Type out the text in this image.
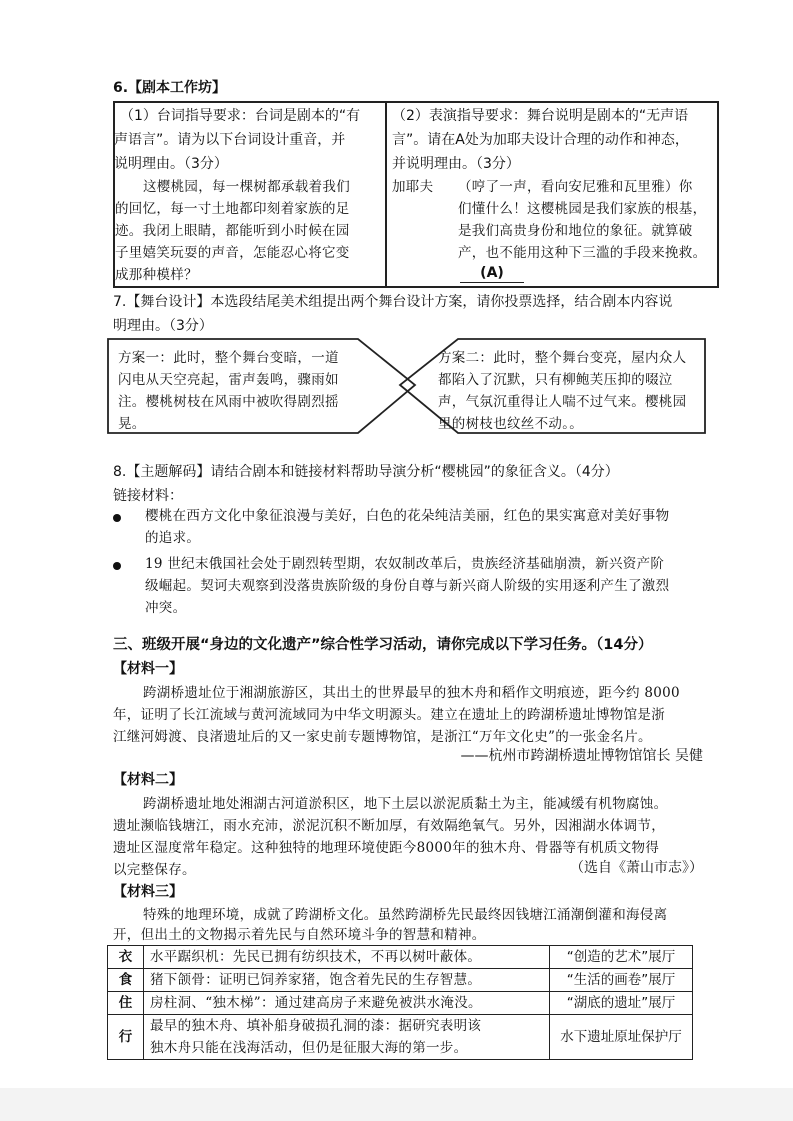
6.【剧本工作坊】
（1）台词指导要求：台词是剧本的“有
声语言”。请为以下台词设计重音，并
说明理由。（3分）
这樱桃园，每一棵树都承载着我们
的回忆，每一寸土地都印刻着家族的足
迹。我闭上眼睛，都能听到小时候在园
子里嬉笑玩耍的声音，怎能忍心将它变
成那种模样？
（2）表演指导要求：舞台说明是剧本的“无声语
言”。请在A处为加耶夫设计合理的动作和神态，
并说明理由。（3分）
加耶夫 （哼了一声，看向安尼雅和瓦里雅）你
们懂什么！这樱桃园是我们家族的根基，
是我们高贵身份和地位的象征。就算破
产，也不能用这种下三滥的手段来挽救。
(A)
7.【舞台设计】本选段结尾美术组提出两个舞台设计方案，请你投票选择，结合剧本内容说
明理由。（3分）
方案一：此时，整个舞台变暗，一道
闪电从天空亮起，雷声轰鸣，骤雨如
注。樱桃树枝在风雨中被吹得剧烈摇
晃。
方案二：此时，整个舞台变亮，屋内众人
都陷入了沉默，只有柳鲍芙压抑的啜泣
声，气氛沉重得让人喘不过气来。樱桃园
里的树枝也纹丝不动。。
8.【主题解码】请结合剧本和链接材料帮助导演分析“樱桃园”的象征含义。（4分）
链接材料：
樱桃在西方文化中象征浪漫与美好，白色的花朵纯洁美丽，红色的果实寓意对美好事物
的追求。
19 世纪末俄国社会处于剧烈转型期，农奴制改革后，贵族经济基础崩溃，新兴资产阶
级崛起。契诃夫观察到没落贵族阶级的身份自尊与新兴商人阶级的实用逐利产生了激烈
冲突。
三、班级开展“身边的文化遗产”综合性学习活动，请你完成以下学习任务。（14分）
【材料一】
跨湖桥遗址位于湘湖旅游区，其出土的世界最早的独木舟和稻作文明痕迹，距今约 8000
年，证明了长江流域与黄河流域同为中华文明源头。建立在遗址上的跨湖桥遗址博物馆是浙
江继河姆渡、良渚遗址后的又一家史前专题博物馆，是浙江“万年文化史”的一张金名片。
——杭州市跨湖桥遗址博物馆馆长 吴健
【材料二】
跨湖桥遗址地处湘湖古河道淤积区，地下土层以淤泥质黏土为主，能减缓有机物腐蚀。
遗址濒临钱塘江，雨水充沛，淤泥沉积不断加厚，有效隔绝氧气。另外，因湘湖水体调节，
遗址区湿度常年稳定。这种独特的地理环境使距今8000年的独木舟、骨器等有机质文物得
以完整保存。	（选自《萧山市志》）
【材料三】
特殊的地理环境，成就了跨湖桥文化。虽然跨湖桥先民最终因钱塘江涌潮倒灌和海侵离
开，但出土的文物揭示着先民与自然环境斗争的智慧和精神。
衣	水平踞织机：先民已拥有纺织技术，不再以树叶蔽体。	“创造的艺术”展厅
食	猪下颌骨：证明已饲养家猪，饱含着先民的生存智慧。	“生活的画卷”展厅
住	房柱洞、“独木梯”：通过建高房子来避免被洪水淹没。	“湖底的遗址”展厅
行	最早的独木舟、填补船身破损孔洞的漆：据研究表明该
独木舟只能在浅海活动，但仍是征服大海的第一步。	水下遗址原址保护厅
